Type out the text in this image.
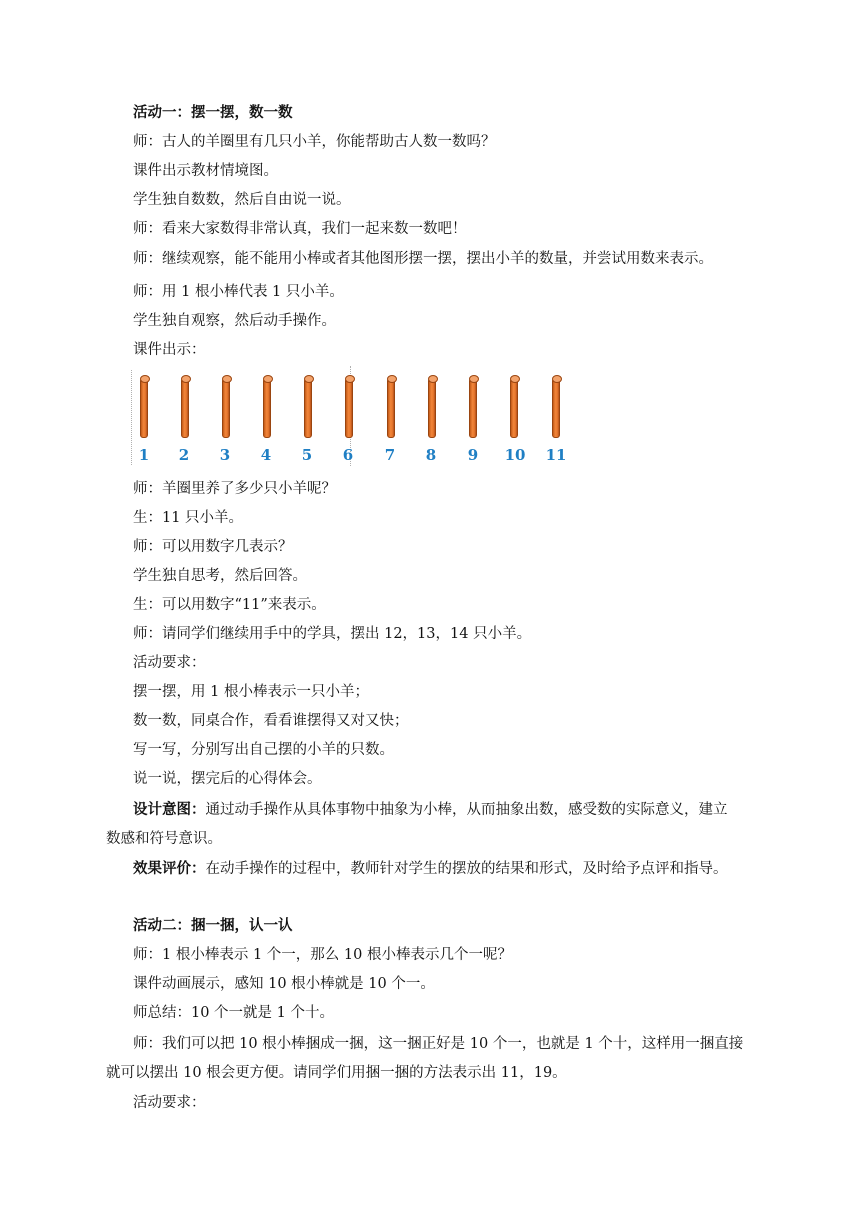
活动一：摆一摆，数一数
师：古人的羊圈里有几只小羊，你能帮助古人数一数吗？
课件出示教材情境图。
学生独自数数，然后自由说一说。
师：看来大家数得非常认真，我们一起来数一数吧！
师：继续观察，能不能用小棒或者其他图形摆一摆，摆出小羊的数量，并尝试用数来表示。
师：用 1 根小棒代表 1 只小羊。
学生独自观察，然后动手操作。
课件出示：
1 2 3 4 5 6 7 8 9 10 11
师：羊圈里养了多少只小羊呢？
生：11 只小羊。
师：可以用数字几表示？
学生独自思考，然后回答。
生：可以用数字“11”来表示。
师：请同学们继续用手中的学具，摆出 12，13，14 只小羊。
活动要求：
摆一摆，用 1 根小棒表示一只小羊；
数一数，同桌合作，看看谁摆得又对又快；
写一写，分别写出自己摆的小羊的只数。
说一说，摆完后的心得体会。
设计意图：通过动手操作从具体事物中抽象为小棒，从而抽象出数，感受数的实际意义，建立
数感和符号意识。
效果评价：在动手操作的过程中，教师针对学生的摆放的结果和形式，及时给予点评和指导。
活动二：捆一捆，认一认
师：1 根小棒表示 1 个一，那么 10 根小棒表示几个一呢？
课件动画展示，感知 10 根小棒就是 10 个一。
师总结：10 个一就是 1 个十。
师：我们可以把 10 根小棒捆成一捆，这一捆正好是 10 个一，也就是 1 个十，这样用一捆直接
就可以摆出 10 根会更方便。请同学们用捆一捆的方法表示出 11，19。
活动要求：
